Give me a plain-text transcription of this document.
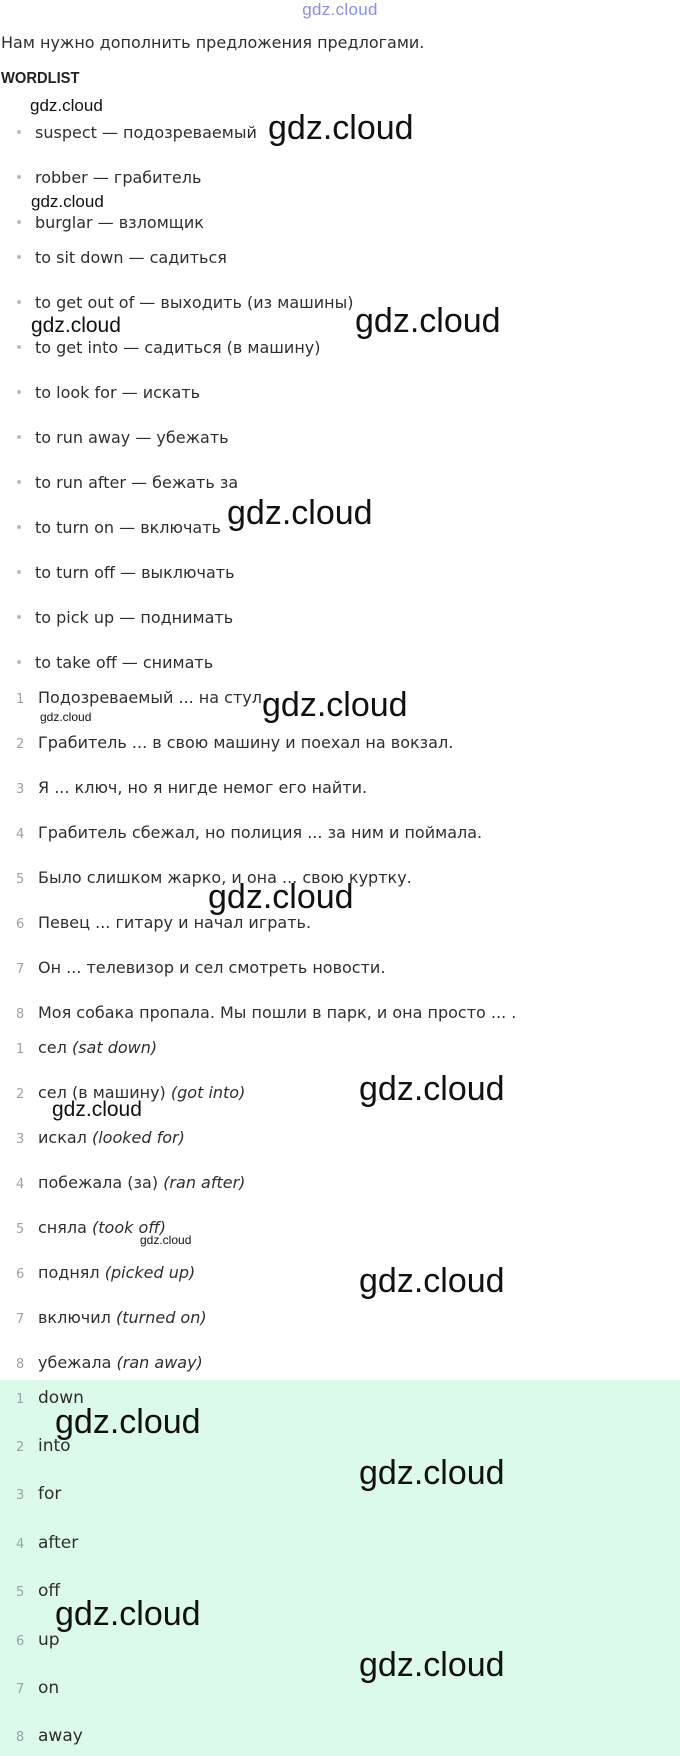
gdz.cloud
Нам нужно дополнить предложения предлогами.
WORDLIST
suspect — подозреваемый
robber — грабитель
burglar — взломщик
to sit down — садиться
to get out of — выходить (из машины)
to get into — садиться (в машину)
to look for — искать
to run away — убежать
to run after — бежать за
to turn on — включать
to turn off — выключать
to pick up — поднимать
to take off — снимать
1 Подозреваемый ... на стул.
2 Грабитель ... в свою машину и поехал на вокзал.
3 Я ... ключ, но я нигде немог его найти.
4 Грабитель сбежал, но полиция ... за ним и поймала.
5 Было слишком жарко, и она ... свою куртку.
6 Певец ... гитару и начал играть.
7 Он ... телевизор и сел смотреть новости.
8 Моя собака пропала. Мы пошли в парк, и она просто ... .
1 сел (sat down)
2 сел (в машину) (got into)
3 искал (looked for)
4 побежала (за) (ran after)
5 сняла (took off)
6 поднял (picked up)
7 включил (turned on)
8 убежала (ran away)
1 down
2 into
3 for
4 after
5 off
6 up
7 on
8 away
gdz.cloud
gdz.cloud
gdz.cloud
gdz.cloud	gdz.cloud
gdz.cloud
gdz.cloud
gdz.cloud
gdz.cloud
gdz.cloud
gdz.cloud
gdz.cloud
gdz.cloud
gdz.cloud
gdz.cloud
gdz.cloud
gdz.cloud
